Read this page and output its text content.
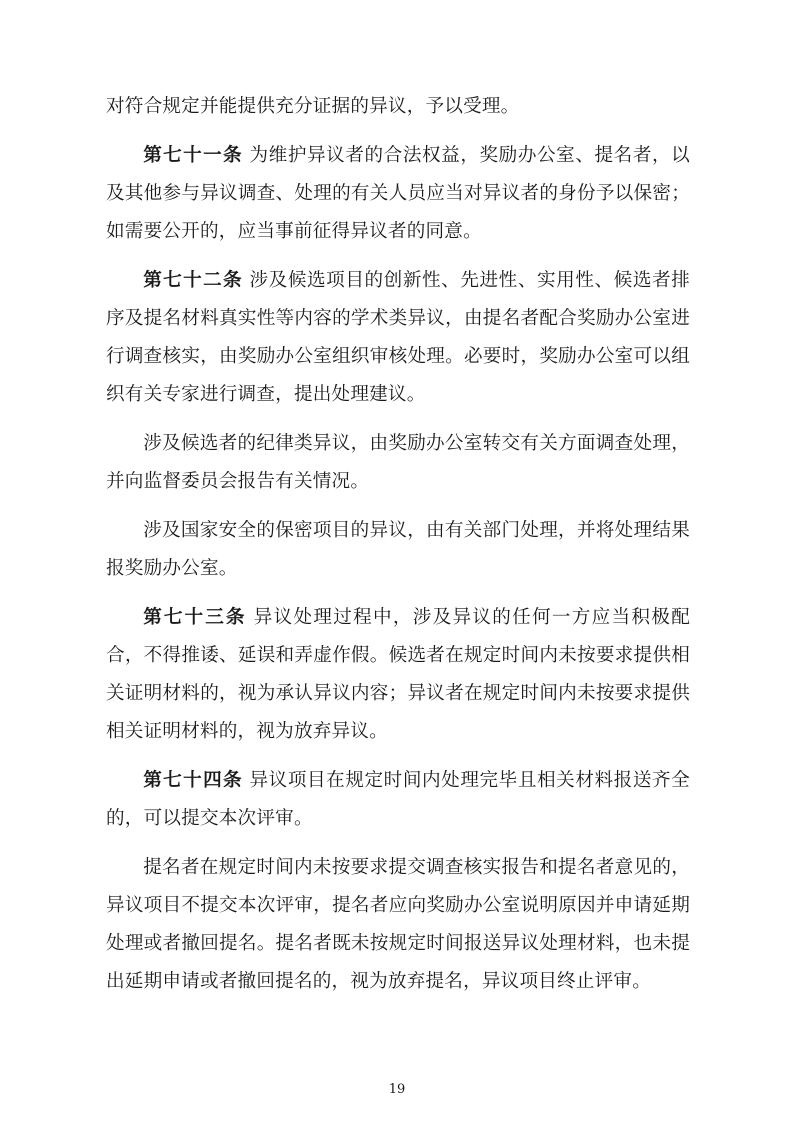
对符合规定并能提供充分证据的异议，予以受理。

第七十一条 为维护异议者的合法权益，奖励办公室、提名者，以及其他参与异议调查、处理的有关人员应当对异议者的身份予以保密；如需要公开的，应当事前征得异议者的同意。

第七十二条 涉及候选项目的创新性、先进性、实用性、候选者排序及提名材料真实性等内容的学术类异议，由提名者配合奖励办公室进行调查核实，由奖励办公室组织审核处理。必要时，奖励办公室可以组织有关专家进行调查，提出处理建议。

涉及候选者的纪律类异议，由奖励办公室转交有关方面调查处理，并向监督委员会报告有关情况。

涉及国家安全的保密项目的异议，由有关部门处理，并将处理结果报奖励办公室。

第七十三条 异议处理过程中，涉及异议的任何一方应当积极配合，不得推诿、延误和弄虚作假。候选者在规定时间内未按要求提供相关证明材料的，视为承认异议内容；异议者在规定时间内未按要求提供相关证明材料的，视为放弃异议。

第七十四条 异议项目在规定时间内处理完毕且相关材料报送齐全的，可以提交本次评审。

提名者在规定时间内未按要求提交调查核实报告和提名者意见的，异议项目不提交本次评审，提名者应向奖励办公室说明原因并申请延期处理或者撤回提名。提名者既未按规定时间报送异议处理材料，也未提出延期申请或者撤回提名的，视为放弃提名，异议项目终止评审。

19
